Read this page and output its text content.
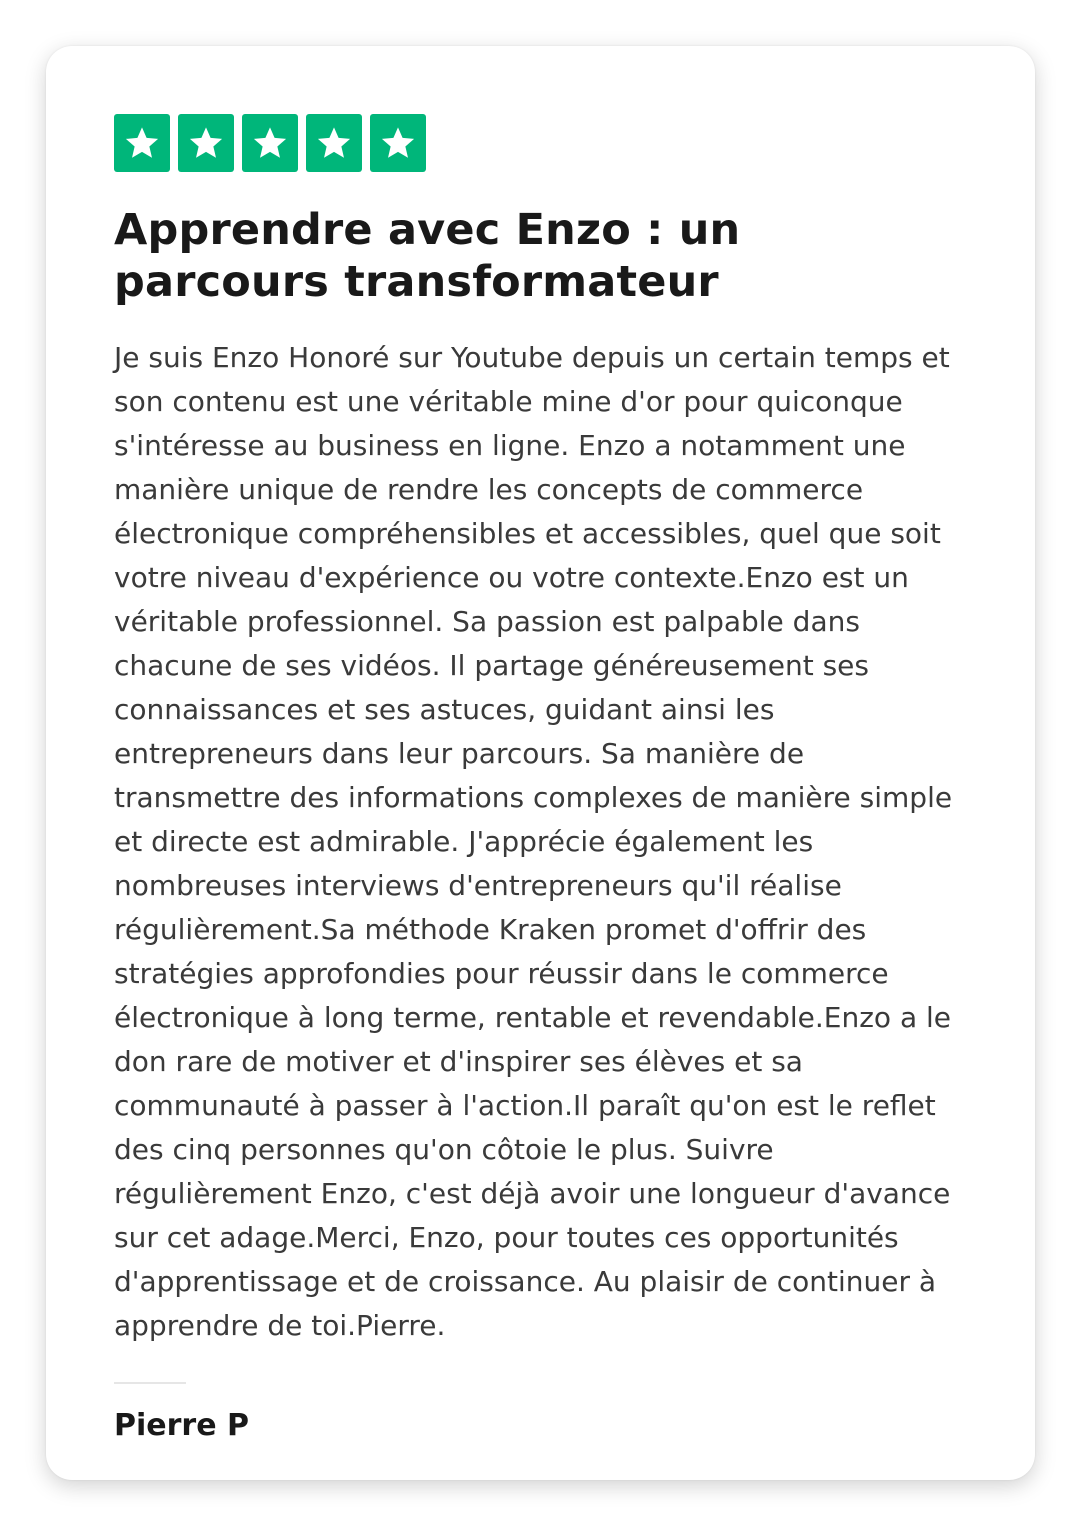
Apprendre avec Enzo : un parcours transformateur
Je suis Enzo Honoré sur Youtube depuis un certain temps et son contenu est une véritable mine d'or pour quiconque s'intéresse au business en ligne. Enzo a notamment une manière unique de rendre les concepts de commerce électronique compréhensibles et accessibles, quel que soit votre niveau d'expérience ou votre contexte.Enzo est un véritable professionnel. Sa passion est palpable dans chacune de ses vidéos. Il partage généreusement ses connaissances et ses astuces, guidant ainsi les entrepreneurs dans leur parcours. Sa manière de transmettre des informations complexes de manière simple et directe est admirable. J'apprécie également les nombreuses interviews d'entrepreneurs qu'il réalise régulièrement.Sa méthode Kraken promet d'offrir des stratégies approfondies pour réussir dans le commerce électronique à long terme, rentable et revendable.Enzo a le don rare de motiver et d'inspirer ses élèves et sa communauté à passer à l'action.Il paraît qu'on est le reflet des cinq personnes qu'on côtoie le plus. Suivre régulièrement Enzo, c'est déjà avoir une longueur d'avance sur cet adage.Merci, Enzo, pour toutes ces opportunités d'apprentissage et de croissance. Au plaisir de continuer à apprendre de toi.Pierre.
Pierre P
